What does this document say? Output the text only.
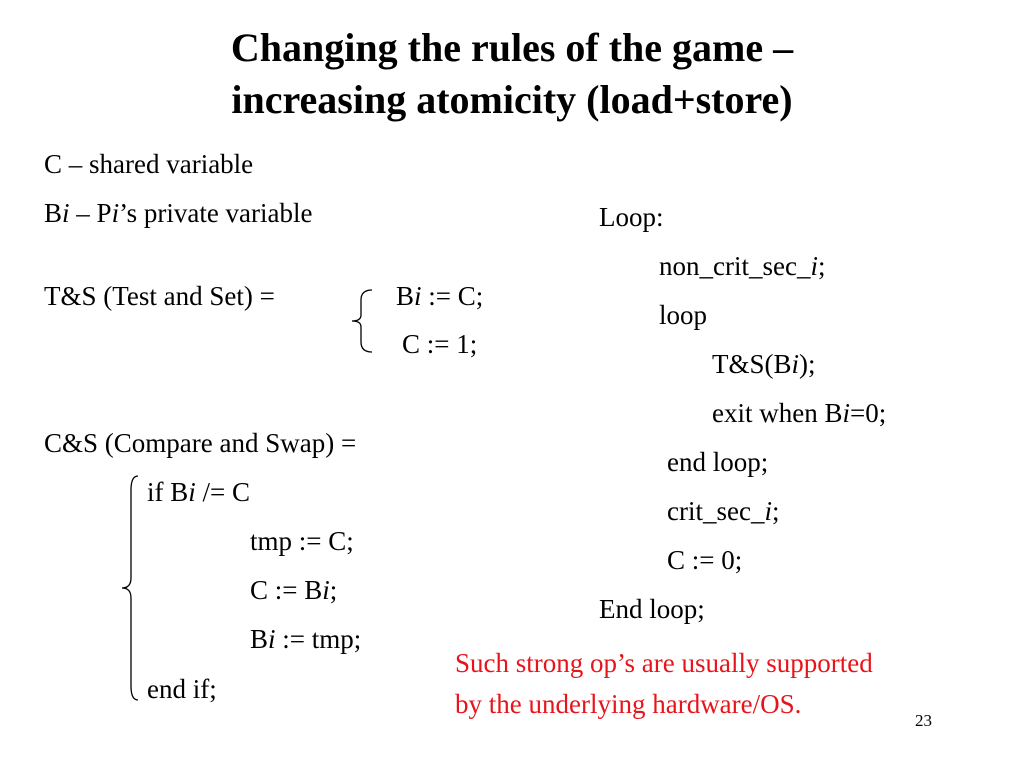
Changing the rules of the game –
increasing atomicity (load+store)
C – shared variable
Bi – Pi’s private variable
T&S (Test and Set) =	Bi := C;
C := 1;
C&S (Compare and Swap) =
if Bi /= C
tmp := C;
C := Bi;
Bi := tmp;
end if;
Loop:
non_crit_sec_i;
loop
T&S(Bi);
exit when Bi=0;
end loop;
crit_sec_i;
C := 0;
End loop;
Such strong op’s are usually supported
by the underlying hardware/OS.
23
